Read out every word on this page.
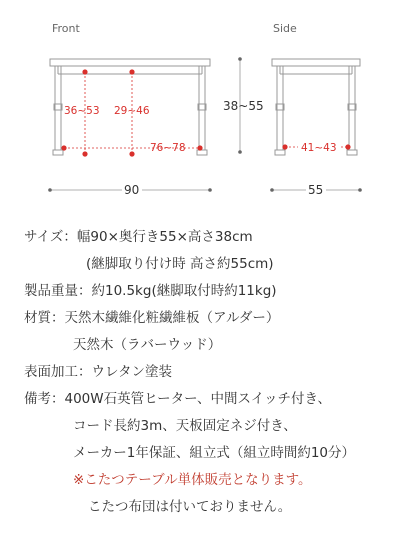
Front	Side
36~53 29~46
76~78
38~55
90
41~43
55
サイズ：幅90×奥行き55×高さ38cm
(継脚取り付け時 高さ約55cm)
製品重量：約10.5kg(継脚取付時約11kg)
材質：天然木繊維化粧繊維板（アルダー）
天然木（ラバーウッド）
表面加工：ウレタン塗装
備考：400W石英管ヒーター、中間スイッチ付き、
コード長約3m、天板固定ネジ付き、
メーカー1年保証、組立式（組立時間約10分）
※こたつテーブル単体販売となります。
こたつ布団は付いておりません。
